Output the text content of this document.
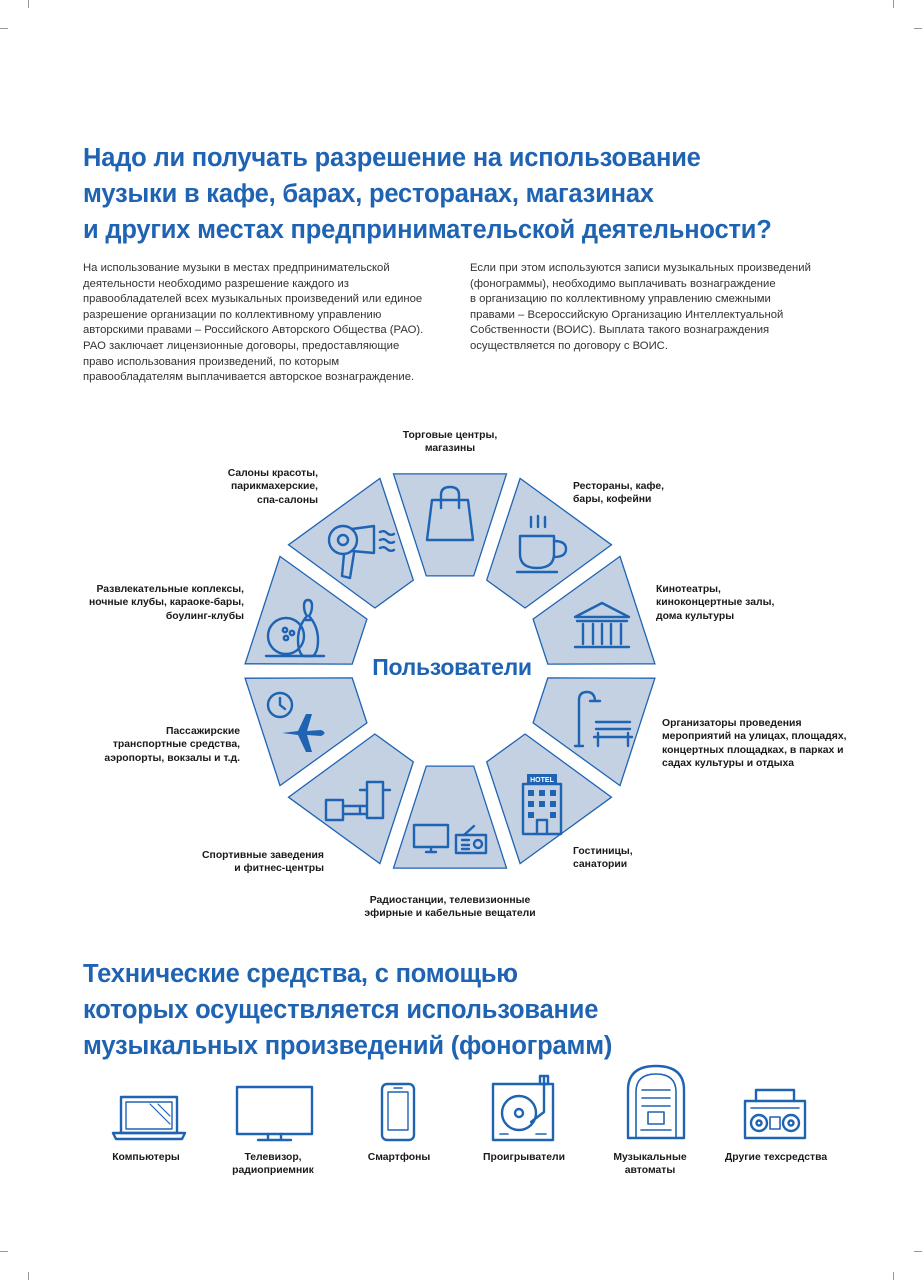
Надо ли получать разрешение на использование
музыки в кафе, барах, ресторанах, магазинах
и других местах предпринимательской деятельности?
На использование музыки в местах предпринимательской
деятельности необходимо разрешение каждого из
правообладателей всех музыкальных произведений или единое
разрешение организации по коллективному управлению
авторскими правами – Российского Авторского Общества (РАО).
РАО заключает лицензионные договоры, предоставляющие
право использования произведений, по которым
правообладателям выплачивается авторское вознаграждение.
Если при этом используются записи музыкальных произведений
(фонограммы), необходимо выплачивать вознаграждение
в организацию по коллективному управлению смежными
правами – Всероссийскую Организацию Интеллектуальной
Собственности (ВОИС). Выплата такого вознаграждения
осуществляется по договору с ВОИС.
HOTEL
Пользователи
Торговые центры,
магазины
Рестораны, кафе,
бары, кофейни
Кинотеатры,
киноконцертные залы,
дома культуры
Организаторы проведения
мероприятий на улицах, площадях,
концертных площадках, в парках и
садах культуры и отдыха
Гостиницы,
санатории
Радиостанции, телевизионные
эфирные и кабельные вещатели
Спортивные заведения
и фитнес-центры
Пассажирские
транспортные средства,
аэропорты, вокзалы и т.д.
Развлекательные коплексы,
ночные клубы, караоке-бары,
боулинг-клубы
Салоны красоты,
парикмахерские,
спа-салоны
Технические средства, с помощью
которых осуществляется использование
музыкальных произведений (фонограмм)
Компьютеры	Телевизор,
радиоприемник
Смартфоны	Проигрыватели	Музыкальные
автоматы
Другие техсредства
